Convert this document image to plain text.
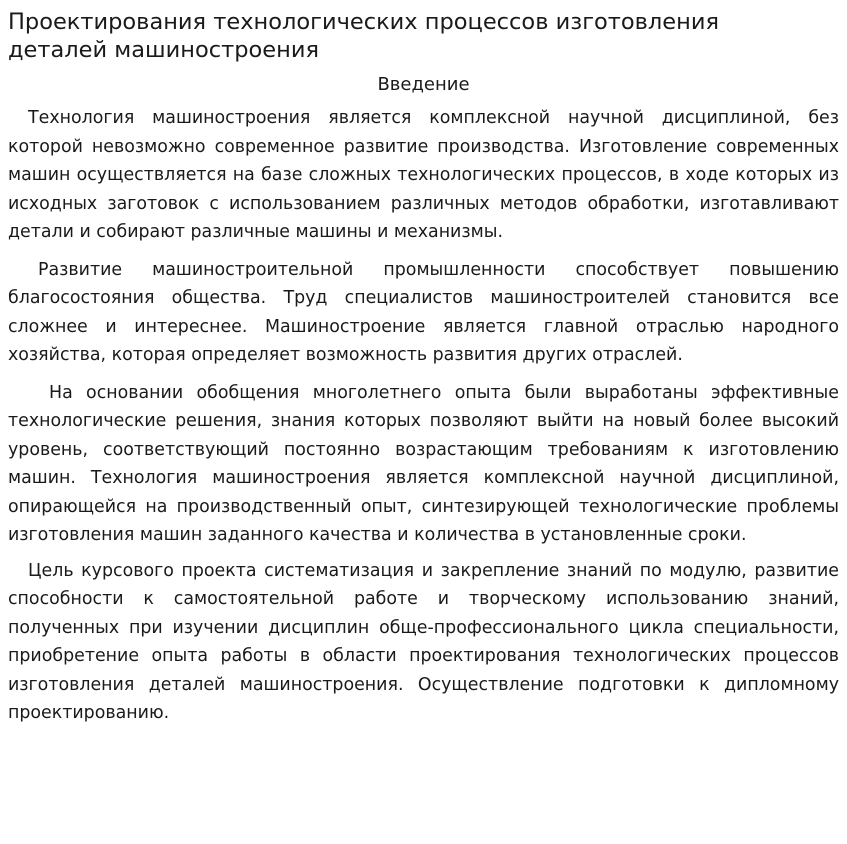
Проектирования технологических процессов изготовления деталей машиностроения
Введение

Технология машиностроения является комплексной научной дисциплиной, без которой невозможно современное развитие производства. Изготовление современных машин осуществляется на базе сложных технологических процессов, в ходе которых из исходных заготовок с использованием различных методов обработки, изготавливают детали и собирают различные машины и механизмы.

Развитие машиностроительной промышленности способствует повышению благосостояния общества. Труд специалистов машиностроителей становится все сложнее и интереснее. Машиностроение является главной отраслью народного хозяйства, которая определяет возможность развития других отраслей.

На основании обобщения многолетнего опыта были выработаны эффективные технологические решения, знания которых позволяют выйти на новый более высокий уровень, соответствующий постоянно возрастающим требованиям к изготовлению машин. Технология машиностроения является комплексной научной дисциплиной, опирающейся на производственный опыт, синтезирующей технологические проблемы изготовления машин заданного качества и количества в установленные сроки.

Цель курсового проекта систематизация и закрепление знаний по модулю, развитие способности к самостоятельной работе и творческому использованию знаний, полученных при изучении дисциплин обще-профессионального цикла специальности, приобретение опыта работы в области проектирования технологических процессов изготовления деталей машиностроения. Осуществление подготовки к дипломному проектированию.
